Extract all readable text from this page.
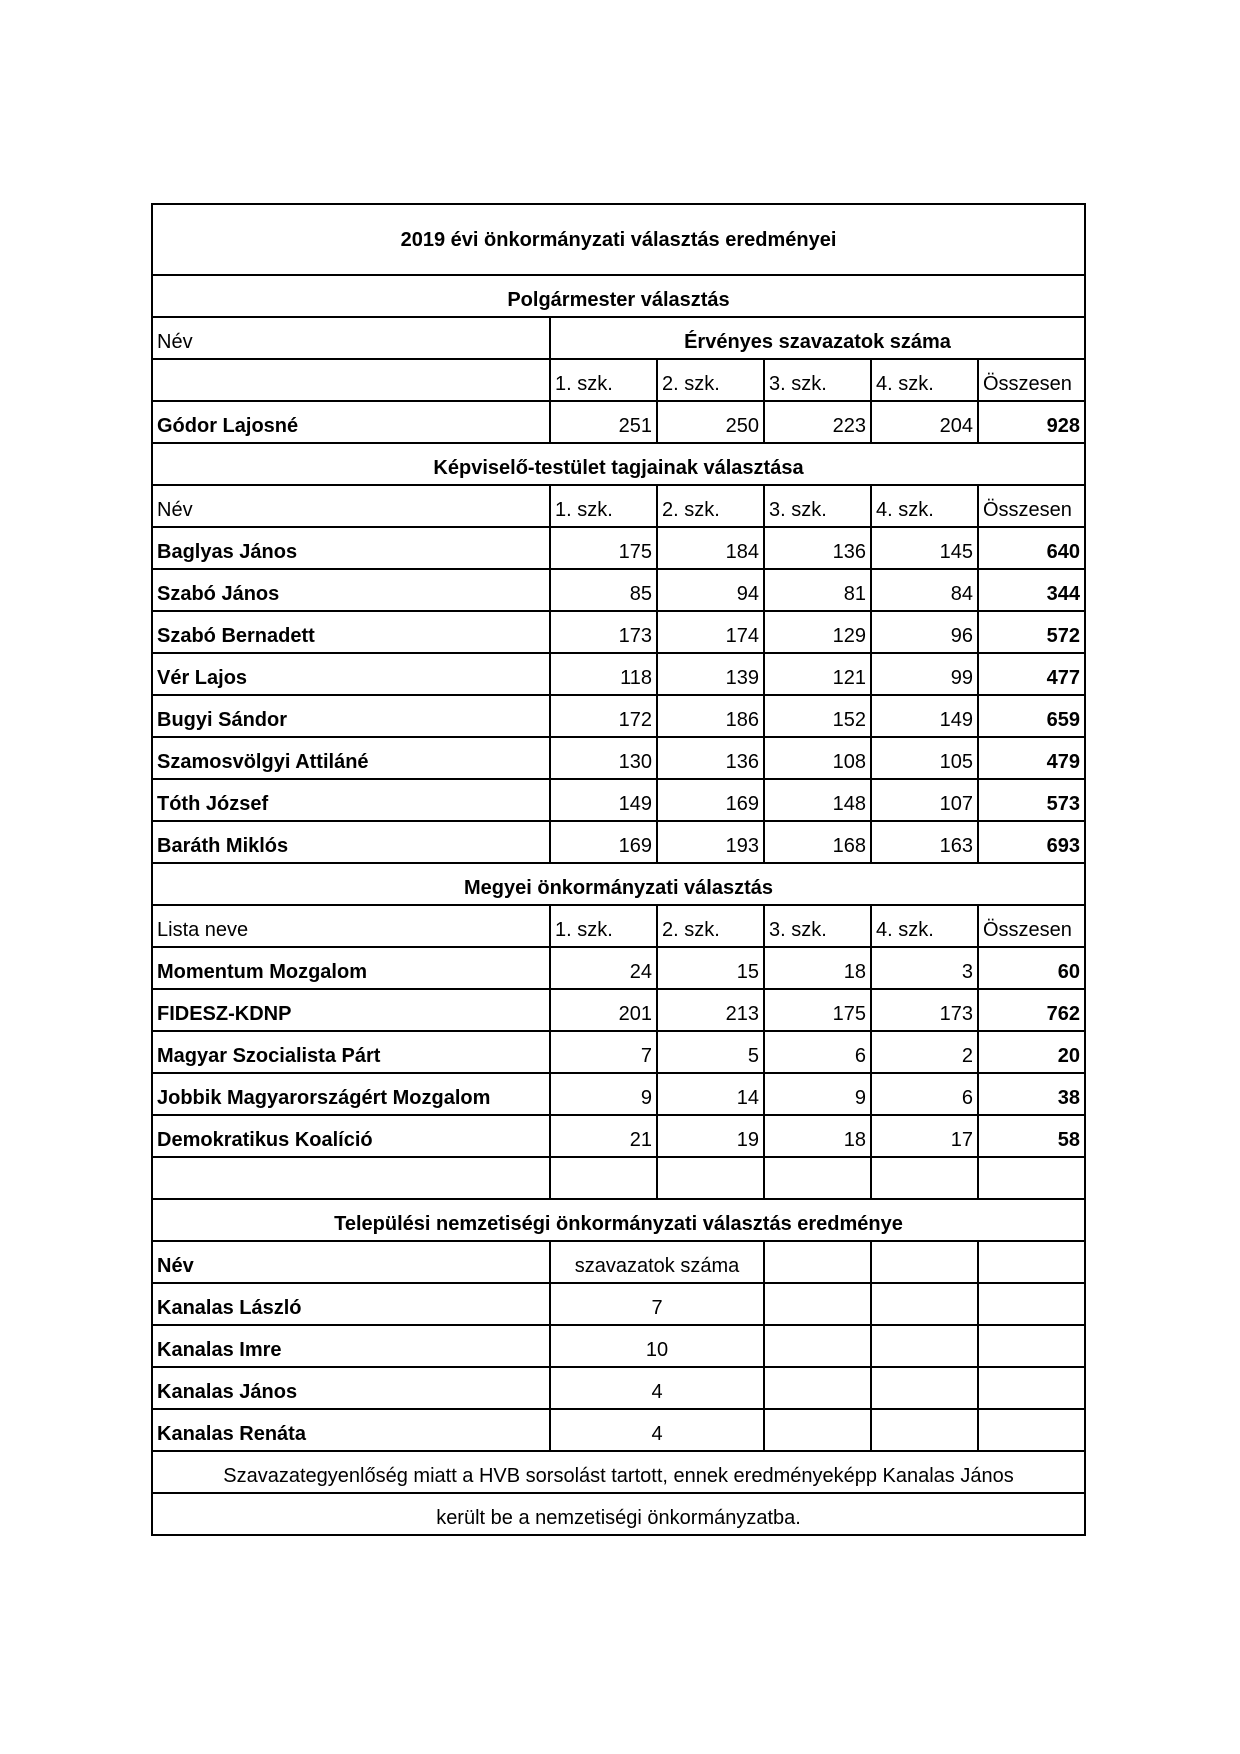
2019 évi önkormányzati választás eredményei					
Polgármester választás					
Név	Érvényes szavazatok száma				
	1. szk.	2. szk.	3. szk.	4. szk.	Összesen
Gódor Lajosné	251	250	223	204	928
Képviselő-testület tagjainak választása					
Név	1. szk.	2. szk.	3. szk.	4. szk.	Összesen
Baglyas János	175	184	136	145	640
Szabó János	85	94	81	84	344
Szabó Bernadett	173	174	129	96	572
Vér Lajos	118	139	121	99	477
Bugyi Sándor	172	186	152	149	659
Szamosvölgyi Attiláné	130	136	108	105	479
Tóth József	149	169	148	107	573
Baráth Miklós	169	193	168	163	693
Megyei önkormányzati választás					
Lista neve	1. szk.	2. szk.	3. szk.	4. szk.	Összesen
Momentum Mozgalom	24	15	18	3	60
FIDESZ-KDNP	201	213	175	173	762
Magyar Szocialista Párt	7	5	6	2	20
Jobbik Magyarországért Mozgalom	9	14	9	6	38
Demokratikus Koalíció	21	19	18	17	58

Települési nemzetiségi önkormányzati választás eredménye					
Név	szavazatok száma				
Kanalas László	7				
Kanalas Imre	10				
Kanalas János	4				
Kanalas Renáta	4				
Szavazategyenlőség miatt a HVB sorsolást tartott, ennek eredményeképp Kanalas János					
került be a nemzetiségi önkormányzatba.					
